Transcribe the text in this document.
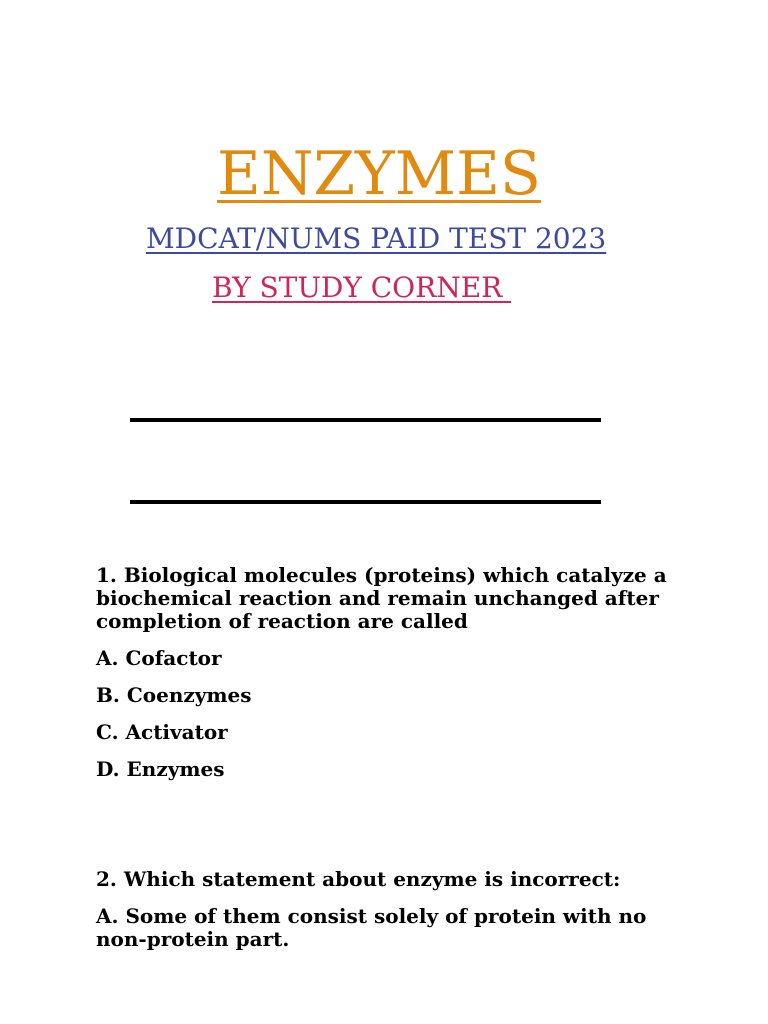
ENZYMES
MDCAT/NUMS PAID TEST 2023

BY STUDY CORNER

1. Biological molecules (proteins) which catalyze a biochemical reaction and remain unchanged after completion of reaction are called

A. Cofactor

B. Coenzymes

C. Activator

D. Enzymes

2. Which statement about enzyme is incorrect:

A. Some of them consist solely of protein with no non-protein part.
